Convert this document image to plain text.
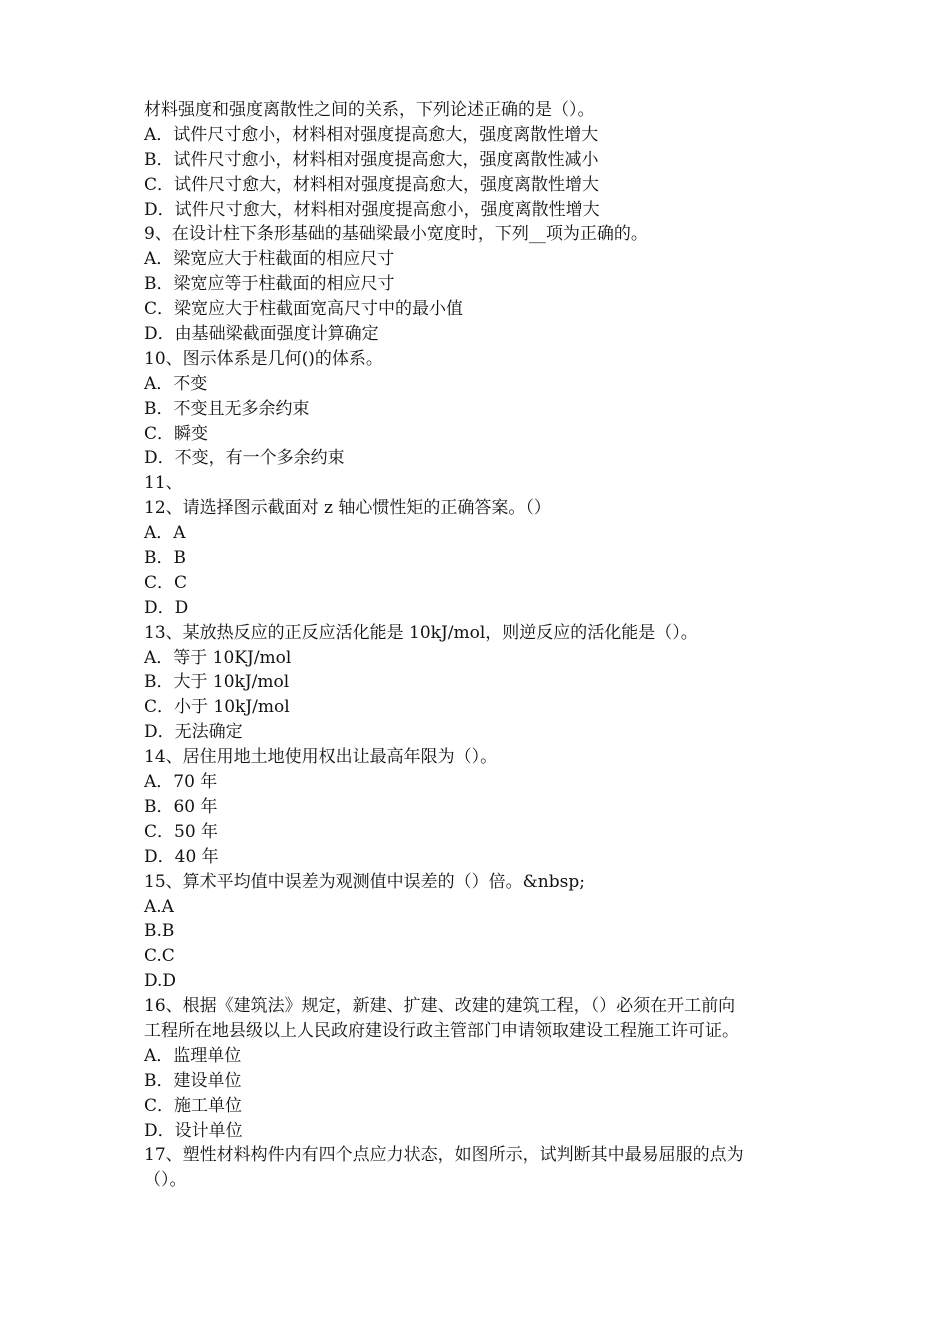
材料强度和强度离散性之间的关系，下列论述正确的是（）。
A．试件尺寸愈小，材料相对强度提高愈大，强度离散性增大
B．试件尺寸愈小，材料相对强度提高愈大，强度离散性减小
C．试件尺寸愈大，材料相对强度提高愈大，强度离散性增大
D．试件尺寸愈大，材料相对强度提高愈小，强度离散性增大
9、在设计柱下条形基础的基础梁最小宽度时，下列__项为正确的。
A．梁宽应大于柱截面的相应尺寸
B．梁宽应等于柱截面的相应尺寸
C．梁宽应大于柱截面宽高尺寸中的最小值
D．由基础梁截面强度计算确定
10、图示体系是几何()的体系。
A．不变
B．不变且无多余约束
C．瞬变
D．不变，有一个多余约束
11、
12、请选择图示截面对 z 轴心惯性矩的正确答案。（）
A．A
B．B
C．C
D．D
13、某放热反应的正反应活化能是 10kJ/mol，则逆反应的活化能是（）。
A．等于 10KJ/mol
B．大于 10kJ/mol
C．小于 10kJ/mol
D．无法确定
14、居住用地土地使用权出让最高年限为（）。
A．70 年
B．60 年
C．50 年
D．40 年
15、算术平均值中误差为观测值中误差的（）倍。&nbsp;
A.A
B.B
C.C
D.D
16、根据《建筑法》规定，新建、扩建、改建的建筑工程，（）必须在开工前向
工程所在地县级以上人民政府建设行政主管部门申请领取建设工程施工许可证。
A．监理单位
B．建设单位
C．施工单位
D．设计单位
17、塑性材料构件内有四个点应力状态，如图所示，试判断其中最易屈服的点为
（）。
